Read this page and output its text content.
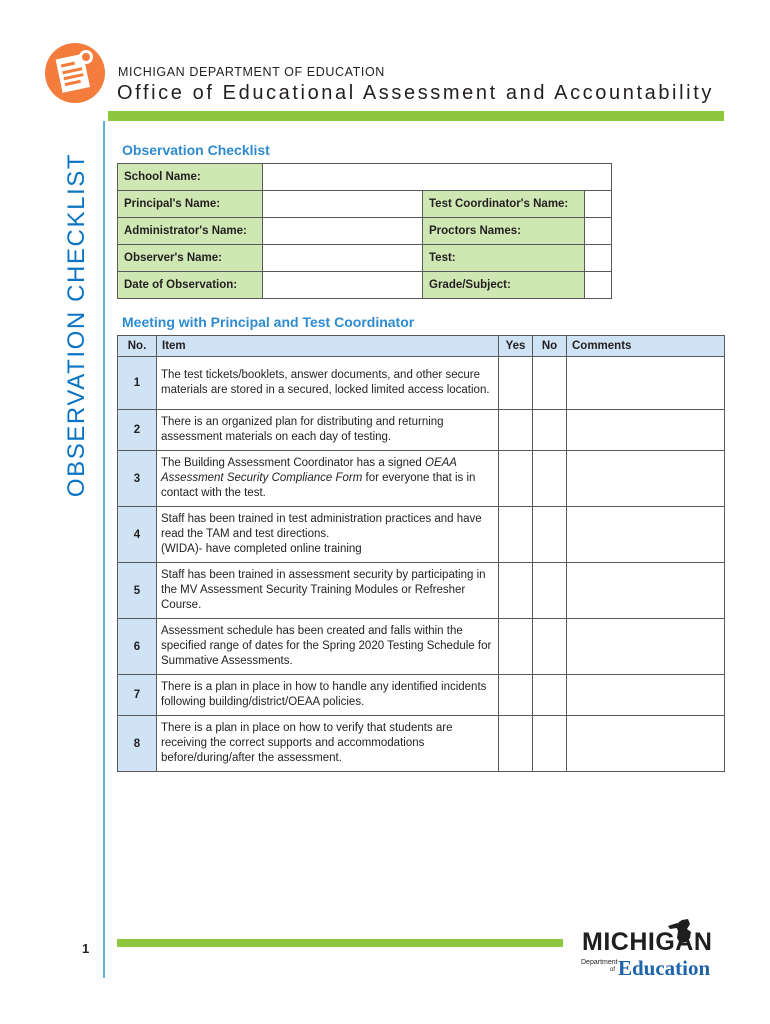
MICHIGAN DEPARTMENT OF EDUCATION
Office of Educational Assessment and Accountability
OBSERVATION CHECKLIST
Observation Checklist
School Name:			
Principal's Name:		Test Coordinator's Name:	
Administrator's Name:		Proctors Names:	
Observer's Name:		Test:	
Date of Observation:		Grade/Subject:	
Meeting with Principal and Test Coordinator
No.	Item	Yes	No	Comments
1	The test tickets/booklets, answer documents, and other secure materials are stored in a secured, locked limited access location.			
2	There is an organized plan for distributing and returning assessment materials on each day of testing.			
3	The Building Assessment Coordinator has a signed OEAA Assessment Security Compliance Form for everyone that is in contact with the test.			
4	Staff has been trained in test administration practices and have read the TAM and test directions.
(WIDA)- have completed online training			
5	Staff has been trained in assessment security by participating in the MV Assessment Security Training Modules or Refresher Course.			
6	Assessment schedule has been created and falls within the specified range of dates for the Spring 2020 Testing Schedule for Summative Assessments.			
7	There is a plan in place in how to handle any identified incidents following building/district/OEAA policies.			
8	There is a plan in place on how to verify that students are receiving the correct supports and accommodations before/during/after the assessment.			
1	MICHIGAN
Department
of Education
